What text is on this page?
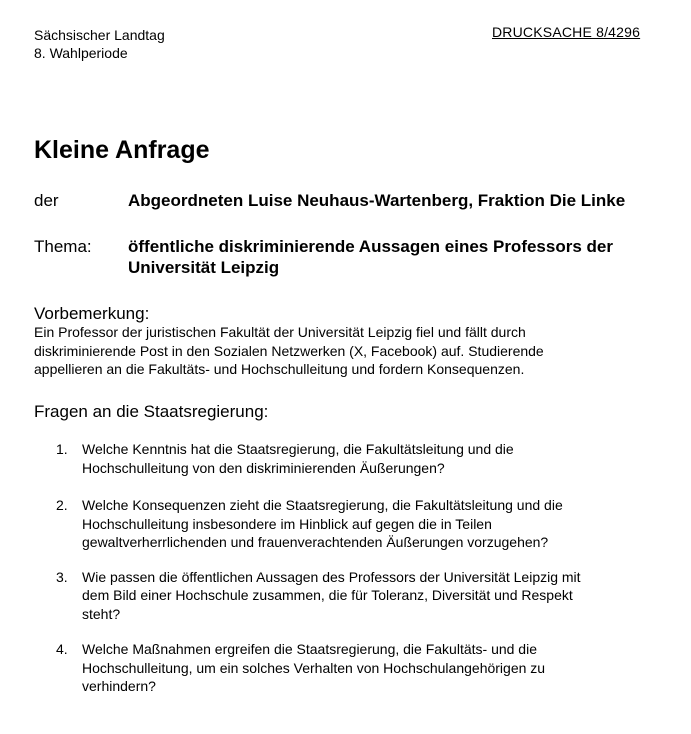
Sächsischer Landtag
8. Wahlperiode
DRUCKSACHE 8/4296
Kleine Anfrage
der	Abgeordneten Luise Neuhaus-Wartenberg, Fraktion Die Linke
Thema: öffentliche diskriminierende Aussagen eines Professors der
Universität Leipzig
Vorbemerkung:
Ein Professor der juristischen Fakultät der Universität Leipzig fiel und fällt durch
diskriminierende Post in den Sozialen Netzwerken (X, Facebook) auf. Studierende
appellieren an die Fakultäts- und Hochschulleitung und fordern Konsequenzen.
Fragen an die Staatsregierung:
1. Welche Kenntnis hat die Staatsregierung, die Fakultätsleitung und die
Hochschulleitung von den diskriminierenden Äußerungen?
2. Welche Konsequenzen zieht die Staatsregierung, die Fakultätsleitung und die
Hochschulleitung insbesondere im Hinblick auf gegen die in Teilen
gewaltverherrlichenden und frauenverachtenden Äußerungen vorzugehen?
3. Wie passen die öffentlichen Aussagen des Professors der Universität Leipzig mit
dem Bild einer Hochschule zusammen, die für Toleranz, Diversität und Respekt
steht?
4. Welche Maßnahmen ergreifen die Staatsregierung, die Fakultäts- und die
Hochschulleitung, um ein solches Verhalten von Hochschulangehörigen zu
verhindern?
